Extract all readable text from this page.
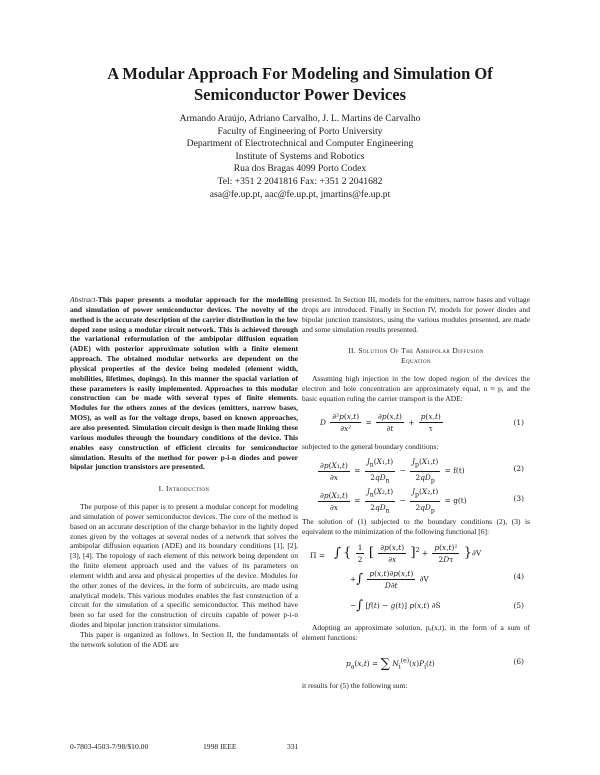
A Modular Approach For Modeling and Simulation Of
Semiconductor Power Devices
Armando Araújo, Adriano Carvalho, J. L. Martins de Carvalho
Faculty of Engineering of Porto University
Department of Electrotechnical and Computer Engineering
Institute of Systems and Robotics
Rua dos Bragas 4099 Porto Codex
Tel: +351 2 2041816 Fax: +351 2 2041682
asa@fe.up.pt, aac@fe.up.pt, jmartins@fe.up.pt

Abstract-This paper presents a modular approach for the modelling and simulation of power semiconductor devices. The novelty of the method is the accurate description of the carrier distribution in the low doped zone using a modular circuit network. This is achieved through the variational reformulation of the ambipolar diffusion equation (ADE) with posterior approximate solution with a finite element approach. The obtained modular networks are dependent on the physical properties of the device being modeled (element width, mobilities, lifetimes, dopings). In this manner the spacial variation of these parameters is easily implemented. Approaches to this modular construction can be made with several types of finite elements. Modules for the others zones of the devices (emitters, narrow bases, MOS), as well as for the voltage drops, based on known approaches, are also presented. Simulation circuit design is then made linking these various modules through the boundary conditions of the device. This enables easy construction of efficient circuits for semiconductor simulation. Results of the method for power p-i-n diodes and power bipolar junction transistors are presented.

I. Introduction

The purpose of this paper is to present a modular concept for modeling and simulation of power semiconductor devices. The core of the method is based on an accurate description of the charge behavior in the lightly doped zones given by the voltages at several nodes of a network that solves the ambipolar diffusion equation (ADE) and its boundary conditions [1], [2], [3], [4]. The topology of each element of this network being dependent on the finite element approach used and the values of its parameters on element width and area and physical properties of the device. Modules for the other zones of the devices, in the form of subcircuits, are made using analytical models. This various modules enables the fast construction of a circuit for the simulation of a specific semiconductor. This method have been so far used for the construction of circuits capable of power p-i-n diodes and bipolar junction transistor simulations.

This paper is organized as follows. In Section II, the fundamentals of the network solution of the ADE are

presented. In Section III, models for the emitters, narrow bases and voltage drops are introduced. Finally in Section IV, models for power diodes and bipolar junction transistors, using the various modules presented, are made and some simulation results presented.

II. Solution Of The Ambipolar Diffusion
Equation

Assuming high injection in the low doped region of the devices the electron and hole concentration are approximately equal, n ≈ p, and the basic equation ruling the carrier transport is the ADE:

D $\frac{\text{∂²p(x,t)}}{\text{∂x²}} = \frac{\partial p(x,t)}{\partial t} + \frac{p(x,t)}{\tau}$	(1)

subjected to the general boundary conditions:

$\frac{\text{∂p(X₁,t)}}{\partial x} = \frac{J_n(X_1,t)}{2qD_n} - \frac{J_p(X_1,t)}{2qD_p} = f(t)$	(2)
$\frac{\text{∂p(X₂,t)}}{\partial x} = \frac{J_n(X_2,t)}{2qD_n} - \frac{J_p(X_2,t)}{2qD_p} = g(t)$	(3)

The solution of (1) subjected to the boundary conditions (2), (3) is equivalent to the minimization of the following functional [6]:

Π = ∫ { $\frac{1}{2}$ [ $\frac{\partial p(x,t)}{\partial x} ]^2 + \frac{\text{p(x,t)²}}{2D\tau} \}\partial V$
+∫ $\frac{p(x,t)\partial p(x,t)}{D\partial t} \partial V$	(4)
−∫ [f(t) − g(t)] p(x,t) ∂S	(5)

Adopting an approximate solution, pₐ(x,t), in the form of a sum of element functions:

$p_a(x,t)$ = ∑ $N_i^{(e)}(x)P_i(t)$	(6)

it results for (5) the following sum:

0-7803-4503-7/98/$10.00	1998 IEEE	331
